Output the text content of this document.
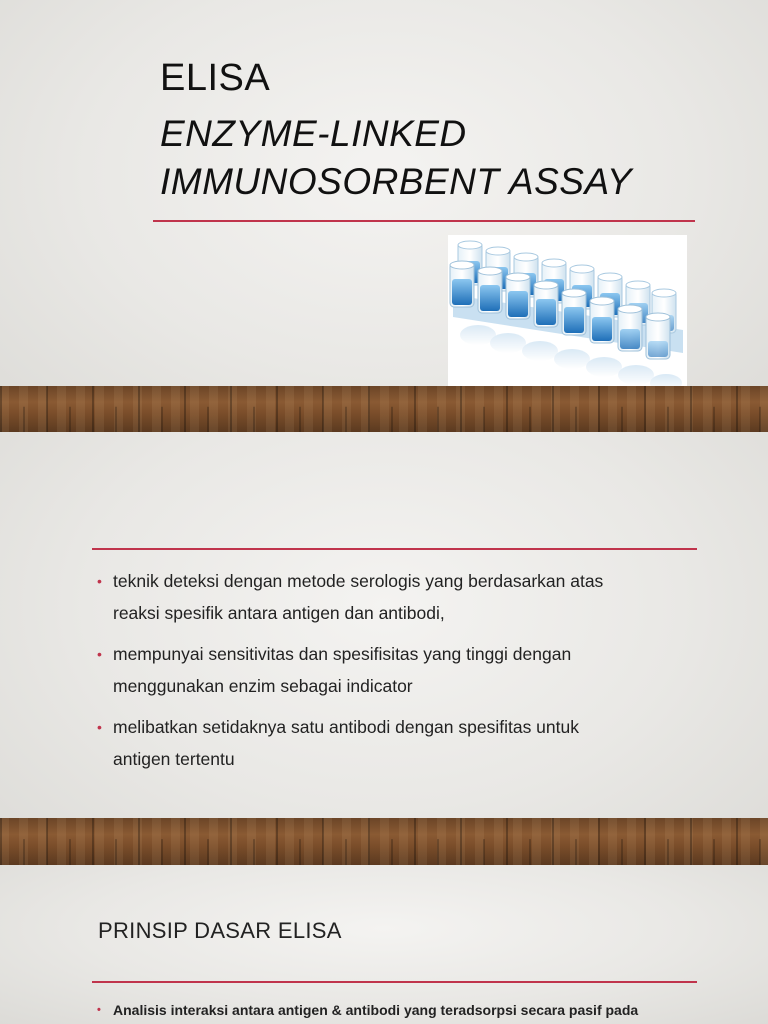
ELISA
ENZYME-LINKED
IMMUNOSORBENT ASSAY
• teknik deteksi dengan metode serologis yang berdasarkan atas
reaksi spesifik antara antigen dan antibodi,
• mempunyai sensitivitas dan spesifisitas yang tinggi dengan
menggunakan enzim sebagai indicator
• melibatkan setidaknya satu antibodi dengan spesifitas untuk
antigen tertentu
PRINSIP DASAR ELISA
• Analisis interaksi antara antigen & antibodi yang teradsorpsi secara pasif pada
